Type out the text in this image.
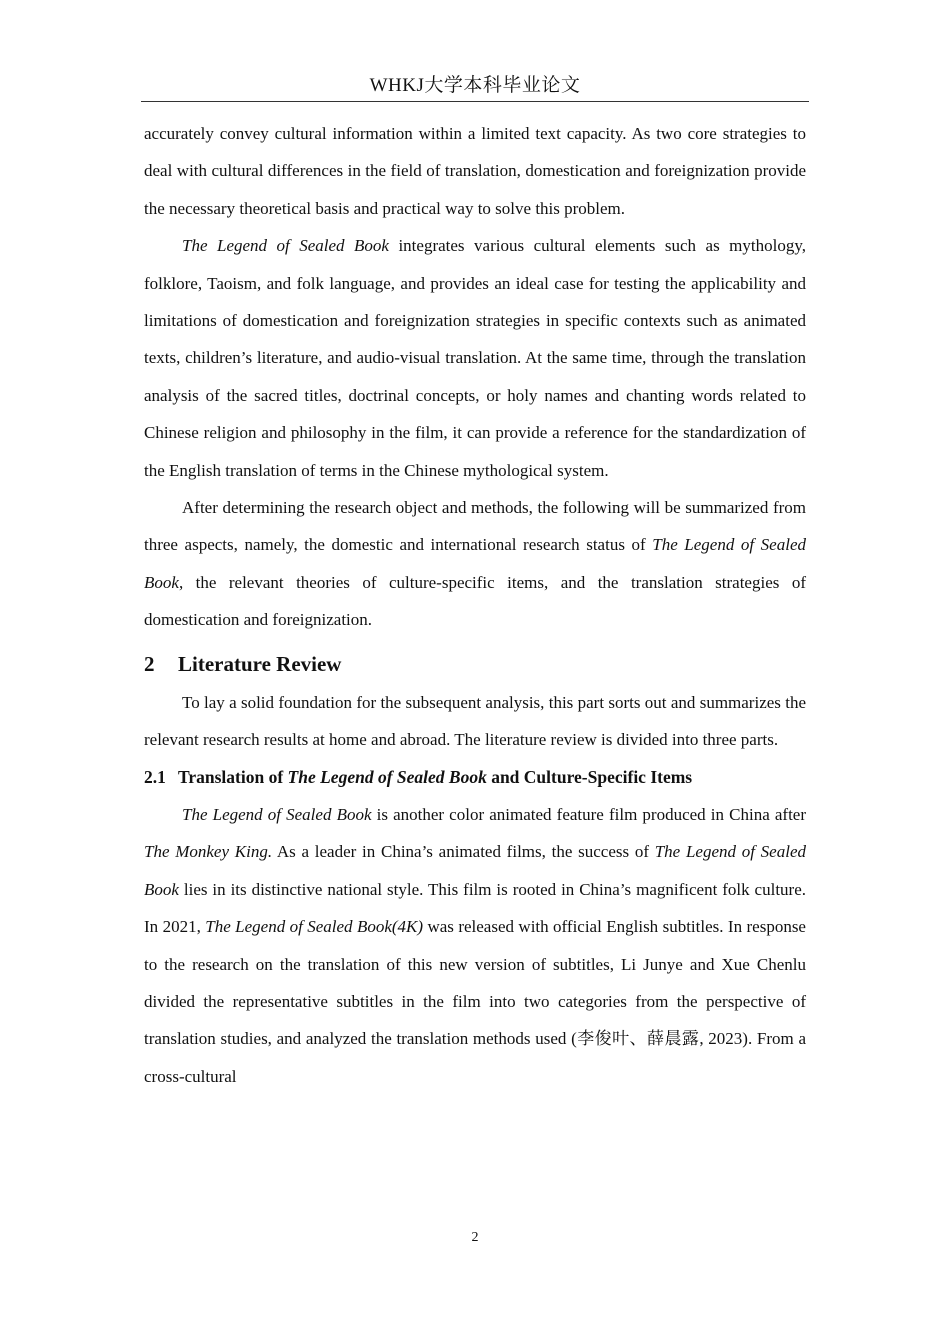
WHKJ大学本科毕业论文

accurately convey cultural information within a limited text capacity. As two core strategies to deal with cultural differences in the field of translation, domestication and foreignization provide the necessary theoretical basis and practical way to solve this problem.

The Legend of Sealed Book integrates various cultural elements such as mythology, folklore, Taoism, and folk language, and provides an ideal case for testing the applicability and limitations of domestication and foreignization strategies in specific contexts such as animated texts, children’s literature, and audio-visual translation. At the same time, through the translation analysis of the sacred titles, doctrinal concepts, or holy names and chanting words related to Chinese religion and philosophy in the film, it can provide a reference for the standardization of the English translation of terms in the Chinese mythological system.

After determining the research object and methods, the following will be summarized from three aspects, namely, the domestic and international research status of The Legend of Sealed Book, the relevant theories of culture-specific items, and the translation strategies of domestication and foreignization.

2 Literature Review

To lay a solid foundation for the subsequent analysis, this part sorts out and summarizes the relevant research results at home and abroad. The literature review is divided into three parts.

2.1 Translation of The Legend of Sealed Book and Culture-Specific Items

The Legend of Sealed Book is another color animated feature film produced in China after The Monkey King. As a leader in China’s animated films, the success of The Legend of Sealed Book lies in its distinctive national style. This film is rooted in China’s magnificent folk culture. In 2021, The Legend of Sealed Book(4K) was released with official English subtitles. In response to the research on the translation of this new version of subtitles, Li Junye and Xue Chenlu divided the representative subtitles in the film into two categories from the perspective of translation studies, and analyzed the translation methods used (李俊叶、薛晨露, 2023). From a cross-cultural

2
